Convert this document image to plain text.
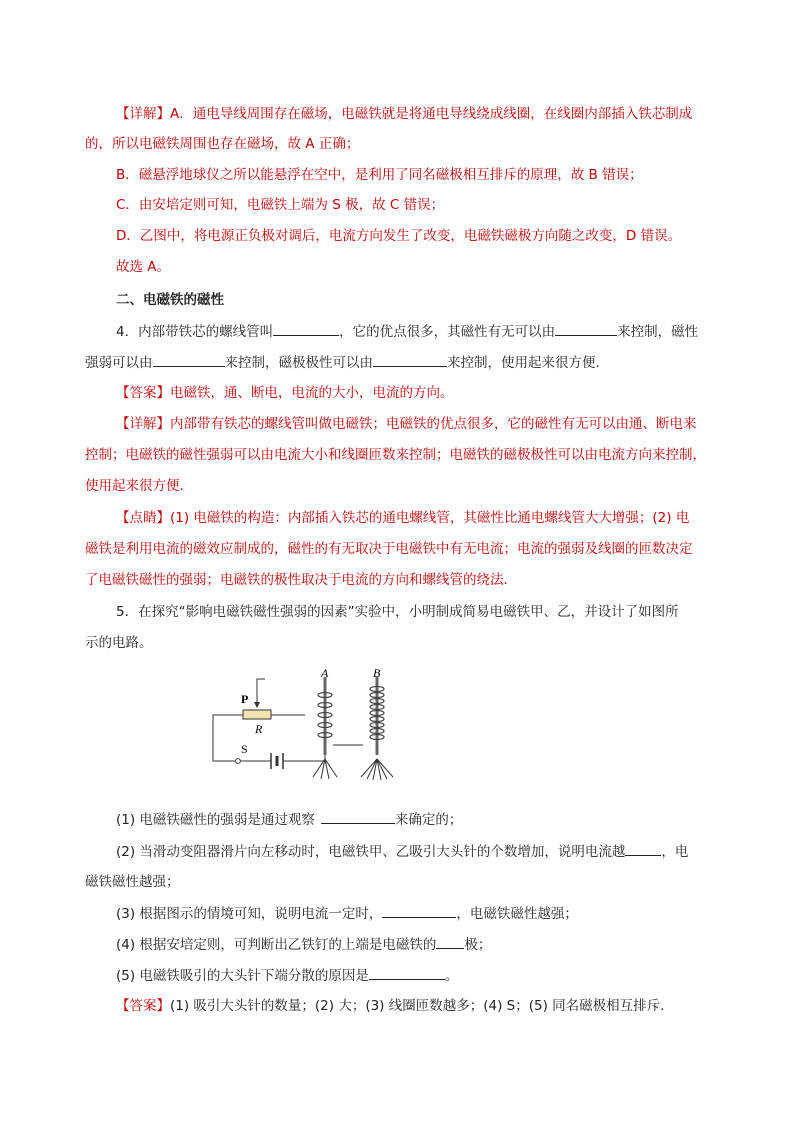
【详解】A．通电导线周围存在磁场，电磁铁就是将通电导线绕成线圈，在线圈内部插入铁芯制成
的，所以电磁铁周围也存在磁场，故 A 正确；
B．磁悬浮地球仪之所以能悬浮在空中，是利用了同名磁极相互排斥的原理，故 B 错误；
C．由安培定则可知，电磁铁上端为 S 极，故 C 错误；
D．乙图中，将电源正负极对调后，电流方向发生了改变，电磁铁磁极方向随之改变，D 错误。
故选 A。
二、电磁铁的磁性
4．内部带铁芯的螺线管叫	，它的优点很多，其磁性有无可以由	来控制，磁性
强弱可以由	来控制，磁极极性可以由	来控制，使用起来很方便．
【答案】电磁铁，通、断电，电流的大小，电流的方向。
【详解】内部带有铁芯的螺线管叫做电磁铁；电磁铁的优点很多，它的磁性有无可以由通、断电来
控制；电磁铁的磁性强弱可以由电流大小和线圈匝数来控制；电磁铁的磁极极性可以由电流方向来控制，
使用起来很方便．
【点睛】(1) 电磁铁的构造：内部插入铁芯的通电螺线管，其磁性比通电螺线管大大增强；(2) 电
磁铁是利用电流的磁效应制成的，磁性的有无取决于电磁铁中有无电流；电流的强弱及线圈的匝数决定
了电磁铁磁性的强弱；电磁铁的极性取决于电流的方向和螺线管的绕法．
5．在探究“影响电磁铁磁性强弱的因素”实验中，小明制成简易电磁铁甲、乙，并设计了如图所
示的电路。
A	B
P
R
S
(1) 电磁铁磁性的强弱是通过观察	来确定的；
(2) 当滑动变阻器滑片向左移动时，电磁铁甲、乙吸引大头针的个数增加，说明电流越	，电
磁铁磁性越强；
(3) 根据图示的情境可知，说明电流一定时，	，电磁铁磁性越强；
(4) 根据安培定则，可判断出乙铁钉的上端是电磁铁的 极；
(5) 电磁铁吸引的大头针下端分散的原因是	。
【答案】(1) 吸引大头针的数量；(2) 大；(3) 线圈匝数越多；(4) S；(5) 同名磁极相互排斥.
